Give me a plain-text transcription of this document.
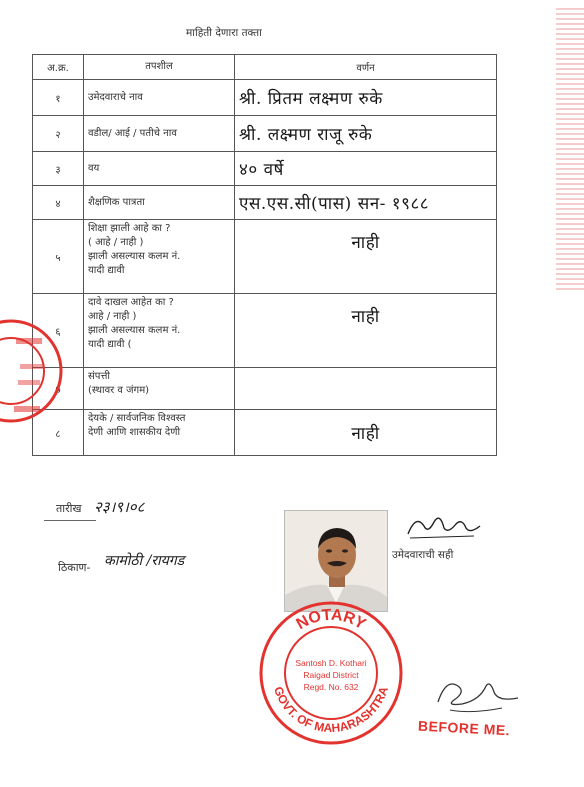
माहिती देणारा तक्ता
अ.क्र.	तपशील	वर्णन
१	उमेदवाराचे नाव	श्री. प्रितम लक्ष्मण रुके
२	वडील/ आई / पतीचे नाव	श्री. लक्ष्मण राजू रुके
३	वय	४० वर्षे
४	शैक्षणिक पात्रता	एस.एस.सी(पास) सन- १९८८
५	शिक्षा झाली आहे का ?
( आहे / नाही )
झाली असल्यास कलम नं.
यादी द्यावी	नाही
६	दावे दाखल आहेत का ?
आहे / नाही )
झाली असल्यास कलम नं.
यादी द्यावी (	नाही
७	संपत्ती
(स्थावर व जंगम)	

८	देयके / सार्वजनिक विश्वस्त
देणी आणि शासकीय देणी	नाही
तारीख २३।९।०८
ठिकाण- कामोठी /रायगड	उमेदवाराची सही
NOTARY
GOVT. OF MAHARASHTRA
Santosh D. Kothari
Raigad District
Regd. No. 632
BEFORE ME.
